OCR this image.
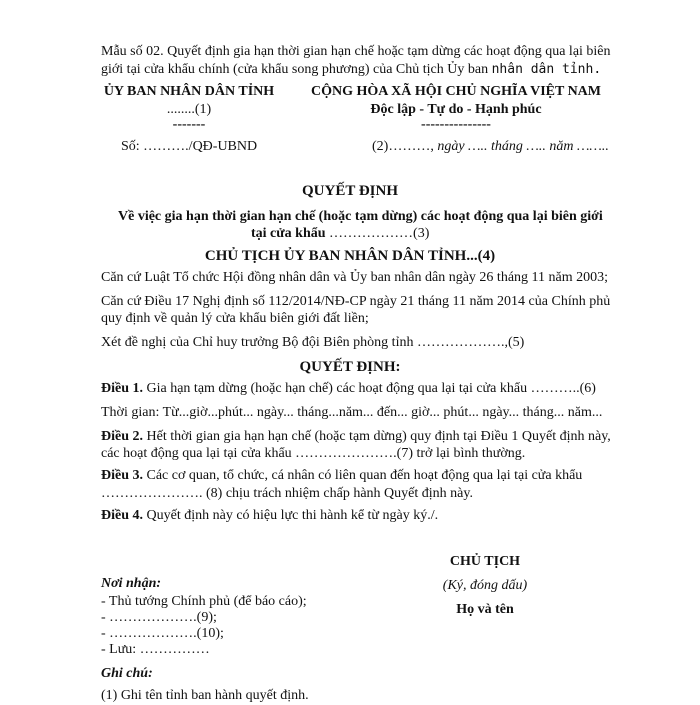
Mẫu số 02. Quyết định gia hạn thời gian hạn chế hoặc tạm dừng các hoạt động qua lại biên
giới tại cửa khẩu chính (cửa khẩu song phương) của Chủ tịch Ủy ban nhân dân tỉnh.
ỦY BAN NHÂN DÂN TỈNH
........(1)
-------
CỘNG HÒA XÃ HỘI CHỦ NGHĨA VIỆT NAM
Độc lập - Tự do - Hạnh phúc
---------------
Số: ………./QĐ-UBND	(2)………, ngày ….. tháng ….. năm ……..
QUYẾT ĐỊNH
Về việc gia hạn thời gian hạn chế (hoặc tạm dừng) các hoạt động qua lại biên giới
tại cửa khẩu ………………(3)
CHỦ TỊCH ỦY BAN NHÂN DÂN TỈNH...(4)
Căn cứ Luật Tổ chức Hội đồng nhân dân và Ủy ban nhân dân ngày 26 tháng 11 năm 2003;
Căn cứ Điều 17 Nghị định số 112/2014/NĐ-CP ngày 21 tháng 11 năm 2014 của Chính phủ
quy định về quản lý cửa khẩu biên giới đất liền;
Xét đề nghị của Chỉ huy trưởng Bộ đội Biên phòng tỉnh ……………….,(5)
QUYẾT ĐỊNH:
Điều 1. Gia hạn tạm dừng (hoặc hạn chế) các hoạt động qua lại tại cửa khẩu ………..(6)
Thời gian: Từ...giờ...phút... ngày... tháng...năm... đến... giờ... phút... ngày... tháng... năm...
Điều 2. Hết thời gian gia hạn hạn chế (hoặc tạm dừng) quy định tại Điều 1 Quyết định này,
các hoạt động qua lại tại cửa khẩu ………………….(7) trở lại bình thường.
Điều 3. Các cơ quan, tổ chức, cá nhân có liên quan đến hoạt động qua lại tại cửa khẩu
…………………. (8) chịu trách nhiệm chấp hành Quyết định này.
Điều 4. Quyết định này có hiệu lực thi hành kể từ ngày ký./.
CHỦ TỊCH
(Ký, đóng dấu)
Họ và tên
Nơi nhận:
- Thủ tướng Chính phủ (để báo cáo);
- ……………….(9);
- ……………….(10);
- Lưu: ……………
Ghi chú:
(1) Ghi tên tỉnh ban hành quyết định.
